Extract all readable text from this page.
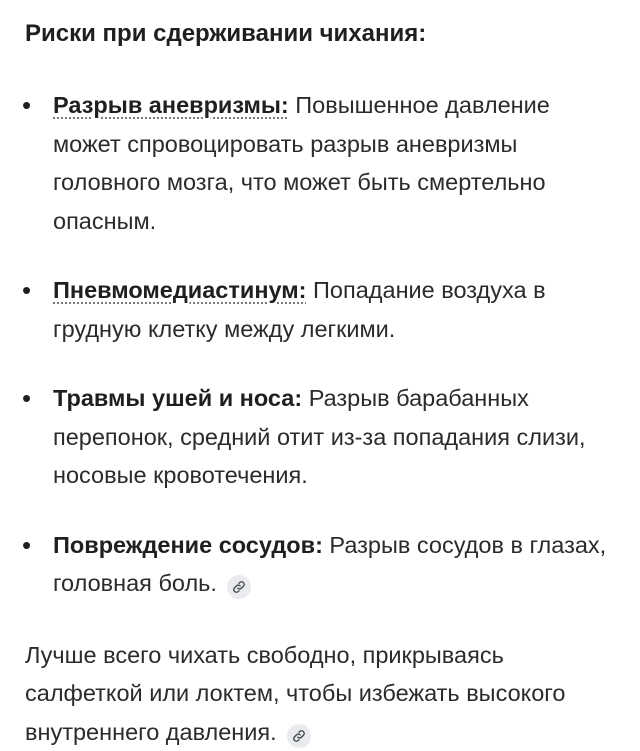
Риски при сдерживании чихания:
• Разрыв аневризмы: Повышенное давление может спровоцировать разрыв аневризмы головного мозга, что может быть смертельно опасным.
• Пневмомедиастинум: Попадание воздуха в грудную клетку между легкими.
• Травмы ушей и носа: Разрыв барабанных перепонок, средний отит из-за попадания слизи, носовые кровотечения.
• Повреждение сосудов: Разрыв сосудов в глазах, головная боль.

Лучше всего чихать свободно, прикрываясь салфеткой или локтем, чтобы избежать высокого внутреннего давления.
